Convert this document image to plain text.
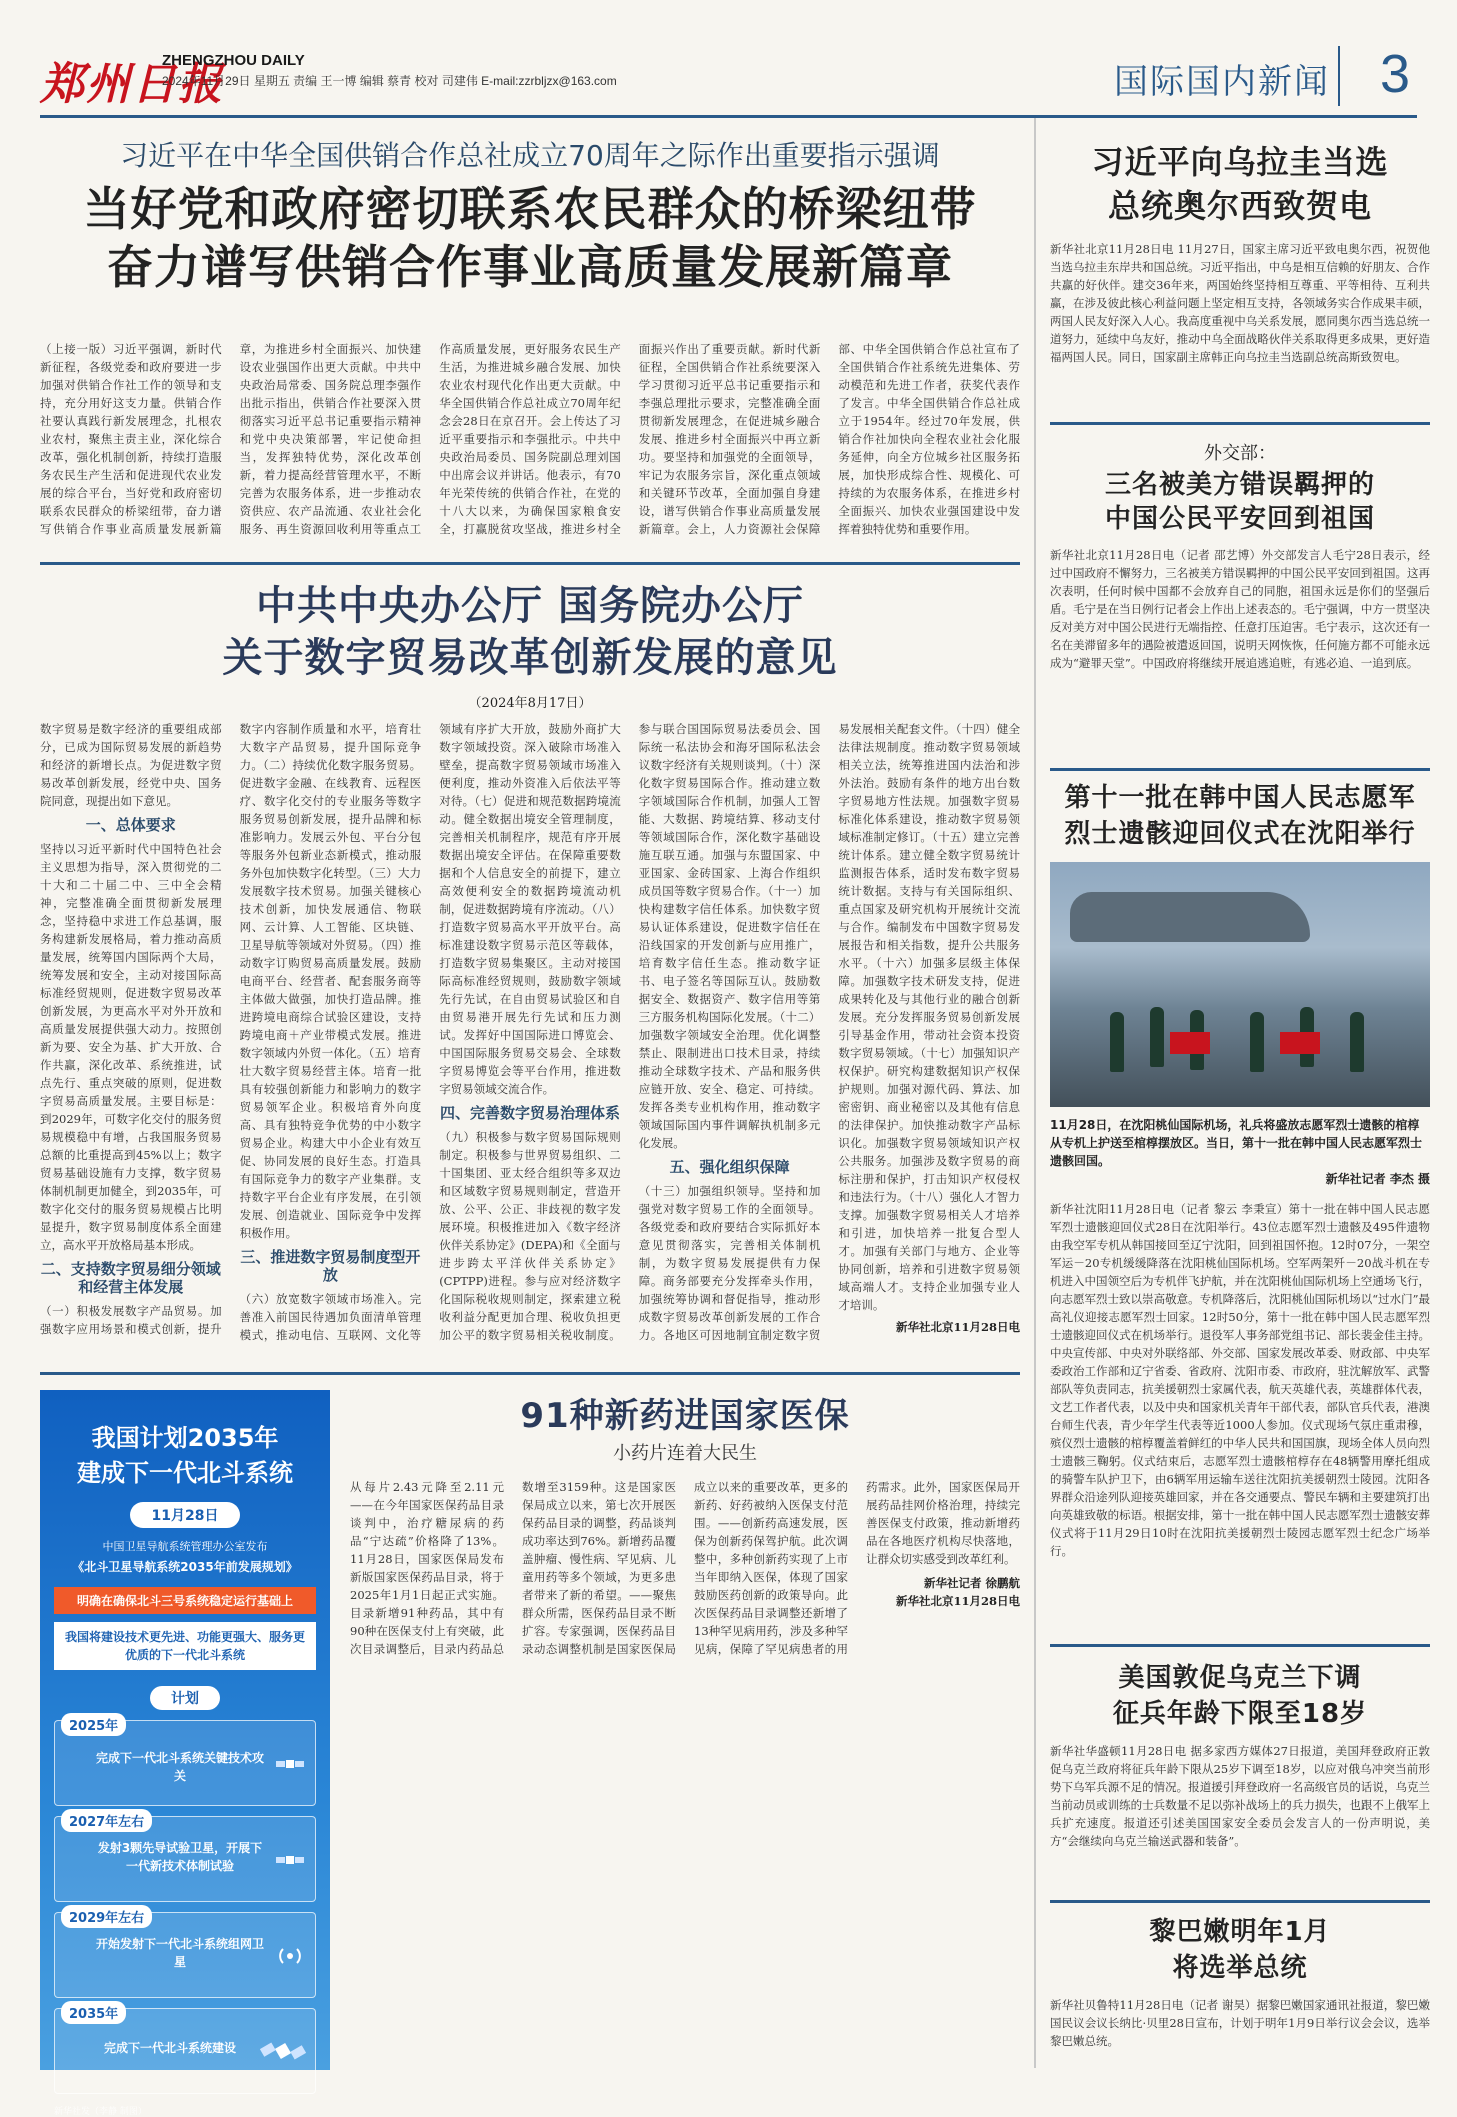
郑州日报
ZHENGZHOU DAILY
2024年11月29日 星期五 责编 王一博 编辑 蔡青 校对 司建伟 E-mail:zzrbljzx@163.com	国际国内新闻 3
习近平在中华全国供销合作总社成立70周年之际作出重要指示强调
当好党和政府密切联系农民群众的桥梁纽带
奋力谱写供销合作事业高质量发展新篇章
（上接一版）习近平强调，新时代新征程，各级党委和政府要进一步加强对供销合作社工作的领导和支持，充分用好这支力量。供销合作社要认真践行新发展理念，扎根农业农村，聚焦主责主业，深化综合改革，强化机制创新，持续打造服务农民生产生活和促进现代农业发展的综合平台，当好党和政府密切联系农民群众的桥梁纽带，奋力谱写供销合作事业高质量发展新篇章，为推进乡村全面振兴、加快建设农业强国作出更大贡献。中共中央政治局常委、国务院总理李强作出批示指出，供销合作社要深入贯彻落实习近平总书记重要指示精神和党中央决策部署，牢记使命担当，发挥独特优势，深化改革创新，着力提高经营管理水平，不断完善为农服务体系，进一步推动农资供应、农产品流通、农业社会化服务、再生资源回收利用等重点工作高质量发展，更好服务农民生产生活，为推进城乡融合发展、加快农业农村现代化作出更大贡献。中华全国供销合作总社成立70周年纪念会28日在京召开。会上传达了习近平重要指示和李强批示。中共中央政治局委员、国务院副总理刘国中出席会议并讲话。他表示，有70年光荣传统的供销合作社，在党的十八大以来，为确保国家粮食安全，打赢脱贫攻坚战，推进乡村全面振兴作出了重要贡献。新时代新征程，全国供销合作社系统要深入学习贯彻习近平总书记重要指示和李强总理批示要求，完整准确全面贯彻新发展理念，在促进城乡融合发展、推进乡村全面振兴中再立新功。要坚持和加强党的全面领导，牢记为农服务宗旨，深化重点领域和关键环节改革，全面加强自身建设，谱写供销合作事业高质量发展新篇章。会上，人力资源社会保障部、中华全国供销合作总社宣布了全国供销合作社系统先进集体、劳动模范和先进工作者，获奖代表作了发言。中华全国供销合作总社成立于1954年。经过70年发展，供销合作社加快向全程农业社会化服务延伸，向全方位城乡社区服务拓展，加快形成综合性、规模化、可持续的为农服务体系，在推进乡村全面振兴、加快农业强国建设中发挥着独特优势和重要作用。
中共中央办公厅 国务院办公厅
关于数字贸易改革创新发展的意见
（2024年8月17日）

数字贸易是数字经济的重要组成部分，已成为国际贸易发展的新趋势和经济的新增长点。为促进数字贸易改革创新发展，经党中央、国务院同意，现提出如下意见。

一、总体要求

坚持以习近平新时代中国特色社会主义思想为指导，深入贯彻党的二十大和二十届二中、三中全会精神，完整准确全面贯彻新发展理念，坚持稳中求进工作总基调，服务构建新发展格局，着力推动高质量发展，统筹国内国际两个大局，统筹发展和安全，主动对接国际高标准经贸规则，促进数字贸易改革创新发展，为更高水平对外开放和高质量发展提供强大动力。按照创新为要、安全为基、扩大开放、合作共赢，深化改革、系统推进，试点先行、重点突破的原则，促进数字贸易高质量发展。主要目标是：到2029年，可数字化交付的服务贸易规模稳中有增，占我国服务贸易总额的比重提高到45%以上；数字贸易基础设施有力支撑，数字贸易体制机制更加健全，到2035年，可数字化交付的服务贸易规模占比明显提升，数字贸易制度体系全面建立，高水平开放格局基本形成。

二、支持数字贸易细分领域和经营主体发展

（一）积极发展数字产品贸易。加强数字应用场景和模式创新，提升数字内容制作质量和水平，培育壮大数字产品贸易，提升国际竞争力。（二）持续优化数字服务贸易。促进数字金融、在线教育、远程医疗、数字化交付的专业服务等数字服务贸易创新发展，提升品牌和标准影响力。发展云外包、平台分包等服务外包新业态新模式，推动服务外包加快数字化转型。（三）大力发展数字技术贸易。加强关键核心技术创新，加快发展通信、物联网、云计算、人工智能、区块链、卫星导航等领域对外贸易。（四）推动数字订购贸易高质量发展。鼓励电商平台、经营者、配套服务商等主体做大做强，加快打造品牌。推进跨境电商综合试验区建设，支持跨境电商＋产业带模式发展。推进数字领域内外贸一体化。（五）培育壮大数字贸易经营主体。培育一批具有较强创新能力和影响力的数字贸易领军企业。积极培育外向度高、具有独特竞争优势的中小数字贸易企业。构建大中小企业有效互促、协同发展的良好生态。打造具有国际竞争力的数字产业集群。支持数字平台企业有序发展，在引领发展、创造就业、国际竞争中发挥积极作用。

三、推进数字贸易制度型开放

（六）放宽数字领域市场准入。完善准入前国民待遇加负面清单管理模式，推动电信、互联网、文化等领域有序扩大开放，鼓励外商扩大数字领域投资。深入破除市场准入壁垒，提高数字贸易领域市场准入便利度，推动外资准入后依法平等对待。（七）促进和规范数据跨境流动。健全数据出境安全管理制度，完善相关机制程序，规范有序开展数据出境安全评估。在保障重要数据和个人信息安全的前提下，建立高效便利安全的数据跨境流动机制，促进数据跨境有序流动。（八）打造数字贸易高水平开放平台。高标准建设数字贸易示范区等载体，打造数字贸易集聚区。主动对接国际高标准经贸规则，鼓励数字领域先行先试，在自由贸易试验区和自由贸易港开展先行先试和压力测试。发挥好中国国际进口博览会、中国国际服务贸易交易会、全球数字贸易博览会等平台作用，推进数字贸易领域交流合作。

四、完善数字贸易治理体系

（九）积极参与数字贸易国际规则制定。积极参与世界贸易组织、二十国集团、亚太经合组织等多双边和区域数字贸易规则制定，营造开放、公平、公正、非歧视的数字发展环境。积极推进加入《数字经济伙伴关系协定》(DEPA)和《全面与进步跨太平洋伙伴关系协定》(CPTPP)进程。参与应对经济数字化国际税收规则制定，探索建立税收利益分配更加合理、税收负担更加公平的数字贸易相关税收制度。参与联合国国际贸易法委员会、国际统一私法协会和海牙国际私法会议数字经济有关规则谈判。（十）深化数字贸易国际合作。推动建立数字领域国际合作机制，加强人工智能、大数据、跨境结算、移动支付等领域国际合作，深化数字基础设施互联互通。加强与东盟国家、中亚国家、金砖国家、上海合作组织成员国等数字贸易合作。（十一）加快构建数字信任体系。加快数字贸易认证体系建设，促进数字信任在沿线国家的开发创新与应用推广，培育数字信任生态。推动数字证书、电子签名等国际互认。鼓励数据安全、数据资产、数字信用等第三方服务机构国际化发展。（十二）加强数字领域安全治理。优化调整禁止、限制进出口技术目录，持续推动全球数字技术、产品和服务供应链开放、安全、稳定、可持续。发挥各类专业机构作用，推动数字领域国际国内事件调解执机制多元化发展。

五、强化组织保障

（十三）加强组织领导。坚持和加强党对数字贸易工作的全面领导。各级党委和政府要结合实际抓好本意见贯彻落实，完善相关体制机制，为数字贸易发展提供有力保障。商务部要充分发挥牵头作用，加强统筹协调和督促指导，推动形成数字贸易改革创新发展的工作合力。各地区可因地制宜制定数字贸易发展相关配套文件。（十四）健全法律法规制度。推动数字贸易领域相关立法，统筹推进国内法治和涉外法治。鼓励有条件的地方出台数字贸易地方性法规。加强数字贸易标准化体系建设，推动数字贸易领域标准制定修订。（十五）建立完善统计体系。建立健全数字贸易统计监测报告体系，适时发布数字贸易统计数据。支持与有关国际组织、重点国家及研究机构开展统计交流与合作。编制发布中国数字贸易发展报告和相关指数，提升公共服务水平。（十六）加强多层级主体保障。加强数字技术研发支持，促进成果转化及与其他行业的融合创新发展。充分发挥服务贸易创新发展引导基金作用，带动社会资本投资数字贸易领域。（十七）加强知识产权保护。研究构建数据知识产权保护规则。加强对源代码、算法、加密密钥、商业秘密以及其他有信息的法律保护。加快推动数字产品标识化。加强数字贸易领域知识产权公共服务。加强涉及数字贸易的商标注册和保护，打击知识产权侵权和违法行为。（十八）强化人才智力支撑。加强数字贸易相关人才培养和引进，加快培养一批复合型人才。加强有关部门与地方、企业等协同创新，培养和引进数字贸易领域高端人才。支持企业加强专业人才培训。

新华社北京11月28日电

我国计划2035年
建成下一代北斗系统
11月28日
中国卫星导航系统管理办公室发布
《北斗卫星导航系统2035年前发展规划》
明确在确保北斗三号系统稳定运行基础上
我国将建设技术更先进、功能更强大、服务更优质的下一代北斗系统
计划
2025年
完成下一代北斗系统关键技术攻关
2027年左右
发射3颗先导试验卫星，开展下一代新技术体制试验
2029年左右
开始发射下一代北斗系统组网卫星
2035年
完成下一代北斗系统建设
新华社发（李静 制图）
91种新药进国家医保
小药片连着大民生

从每片2.43元降至2.11元——在今年国家医保药品目录谈判中，治疗糖尿病的药品“宁达疏”价格降了13%。11月28日，国家医保局发布新版国家医保药品目录，将于2025年1月1日起正式实施。目录新增91种药品，其中有90种在医保支付上有突破，此次目录调整后，目录内药品总数增至3159种。这是国家医保局成立以来，第七次开展医保药品目录的调整，药品谈判成功率达到76%。新增药品覆盖肿瘤、慢性病、罕见病、儿童用药等多个领域，为更多患者带来了新的希望。——聚焦群众所需，医保药品目录不断扩容。专家强调，医保药品目录动态调整机制是国家医保局成立以来的重要改革，更多的新药、好药被纳入医保支付范围。——创新药高速发展，医保为创新药保驾护航。此次调整中，多种创新药实现了上市当年即纳入医保，体现了国家鼓励医药创新的政策导向。此次医保药品目录调整还新增了13种罕见病用药，涉及多种罕见病，保障了罕见病患者的用药需求。此外，国家医保局开展药品挂网价格治理，持续完善医保支付政策，推动新增药品在各地医疗机构尽快落地，让群众切实感受到改革红利。

新华社记者 徐鹏航

新华社北京11月28日电

习近平向乌拉圭当选
总统奥尔西致贺电
新华社北京11月28日电 11月27日，国家主席习近平致电奥尔西，祝贺他当选乌拉圭东岸共和国总统。习近平指出，中乌是相互信赖的好朋友、合作共赢的好伙伴。建交36年来，两国始终坚持相互尊重、平等相待、互利共赢，在涉及彼此核心利益问题上坚定相互支持，各领域务实合作成果丰硕，两国人民友好深入人心。我高度重视中乌关系发展，愿同奥尔西当选总统一道努力，延续中乌友好，推动中乌全面战略伙伴关系取得更多成果，更好造福两国人民。同日，国家副主席韩正向乌拉圭当选副总统高斯致贺电。
外交部：
三名被美方错误羁押的
中国公民平安回到祖国
新华社北京11月28日电（记者 邵艺博）外交部发言人毛宁28日表示，经过中国政府不懈努力，三名被美方错误羁押的中国公民平安回到祖国。这再次表明，任何时候中国都不会放弃自己的同胞，祖国永远是你们的坚强后盾。毛宁是在当日例行记者会上作出上述表态的。毛宁强调，中方一贯坚决反对美方对中国公民进行无端指控、任意打压迫害。毛宁表示，这次还有一名在美滞留多年的遇险被遣返回国，说明天网恢恢，任何施方都不可能永远成为“避罪天堂”。中国政府将继续开展追逃追赃，有逃必追、一追到底。
第十一批在韩中国人民志愿军
烈士遗骸迎回仪式在沈阳举行
11月28日，在沈阳桃仙国际机场，礼兵将盛放志愿军烈士遗骸的棺椁从专机上护送至棺椁摆放区。当日，第十一批在韩中国人民志愿军烈士遗骸回国。
新华社记者 李杰 摄
新华社沈阳11月28日电（记者 黎云 李秉宣）第十一批在韩中国人民志愿军烈士遗骸迎回仪式28日在沈阳举行。43位志愿军烈士遗骸及495件遗物由我空军专机从韩国接回至辽宁沈阳，回到祖国怀抱。12时07分，一架空军运－20专机缓缓降落在沈阳桃仙国际机场。空军两架歼－20战斗机在专机进入中国领空后为专机伴飞护航，并在沈阳桃仙国际机场上空通场飞行，向志愿军烈士致以崇高敬意。专机降落后，沈阳桃仙国际机场以“过水门”最高礼仪迎接志愿军烈士回家。12时50分，第十一批在韩中国人民志愿军烈士遗骸迎回仪式在机场举行。退役军人事务部党组书记、部长裴金佳主持。中央宣传部、中央对外联络部、外交部、国家发展改革委、财政部、中央军委政治工作部和辽宁省委、省政府、沈阳市委、市政府，驻沈解放军、武警部队等负责同志，抗美援朝烈士家属代表，航天英雄代表，英雄群体代表，文艺工作者代表，以及中央和国家机关青年干部代表，部队官兵代表，港澳台师生代表，青少年学生代表等近1000人参加。仪式现场气氛庄重肃穆，殡仪烈士遗骸的棺椁覆盖着鲜红的中华人民共和国国旗，现场全体人员向烈士遗骸三鞠躬。仪式结束后，志愿军烈士遗骸棺椁存在48辆警用摩托组成的骑警车队护卫下，由6辆军用运输车送往沈阳抗美援朝烈士陵园。沈阳各界群众沿途列队迎接英雄回家，并在各交通要点、警民车辆和主要建筑打出向英雄致敬的标语。根据安排，第十一批在韩中国人民志愿军烈士遗骸安葬仪式将于11月29日10时在沈阳抗美援朝烈士陵园志愿军烈士纪念广场举行。
美国敦促乌克兰下调
征兵年龄下限至18岁
新华社华盛顿11月28日电 据多家西方媒体27日报道，美国拜登政府正敦促乌克兰政府将征兵年龄下限从25岁下调至18岁，以应对俄乌冲突当前形势下乌军兵源不足的情况。报道援引拜登政府一名高级官员的话说，乌克兰当前动员或训练的士兵数量不足以弥补战场上的兵力损失，也跟不上俄军上兵扩充速度。报道还引述美国国家安全委员会发言人的一份声明说，美方“会继续向乌克兰输送武器和装备”。
黎巴嫩明年1月
将选举总统
新华社贝鲁特11月28日电（记者 谢昊）据黎巴嫩国家通讯社报道，黎巴嫩国民议会议长纳比·贝里28日宣布，计划于明年1月9日举行议会会议，选举黎巴嫩总统。
